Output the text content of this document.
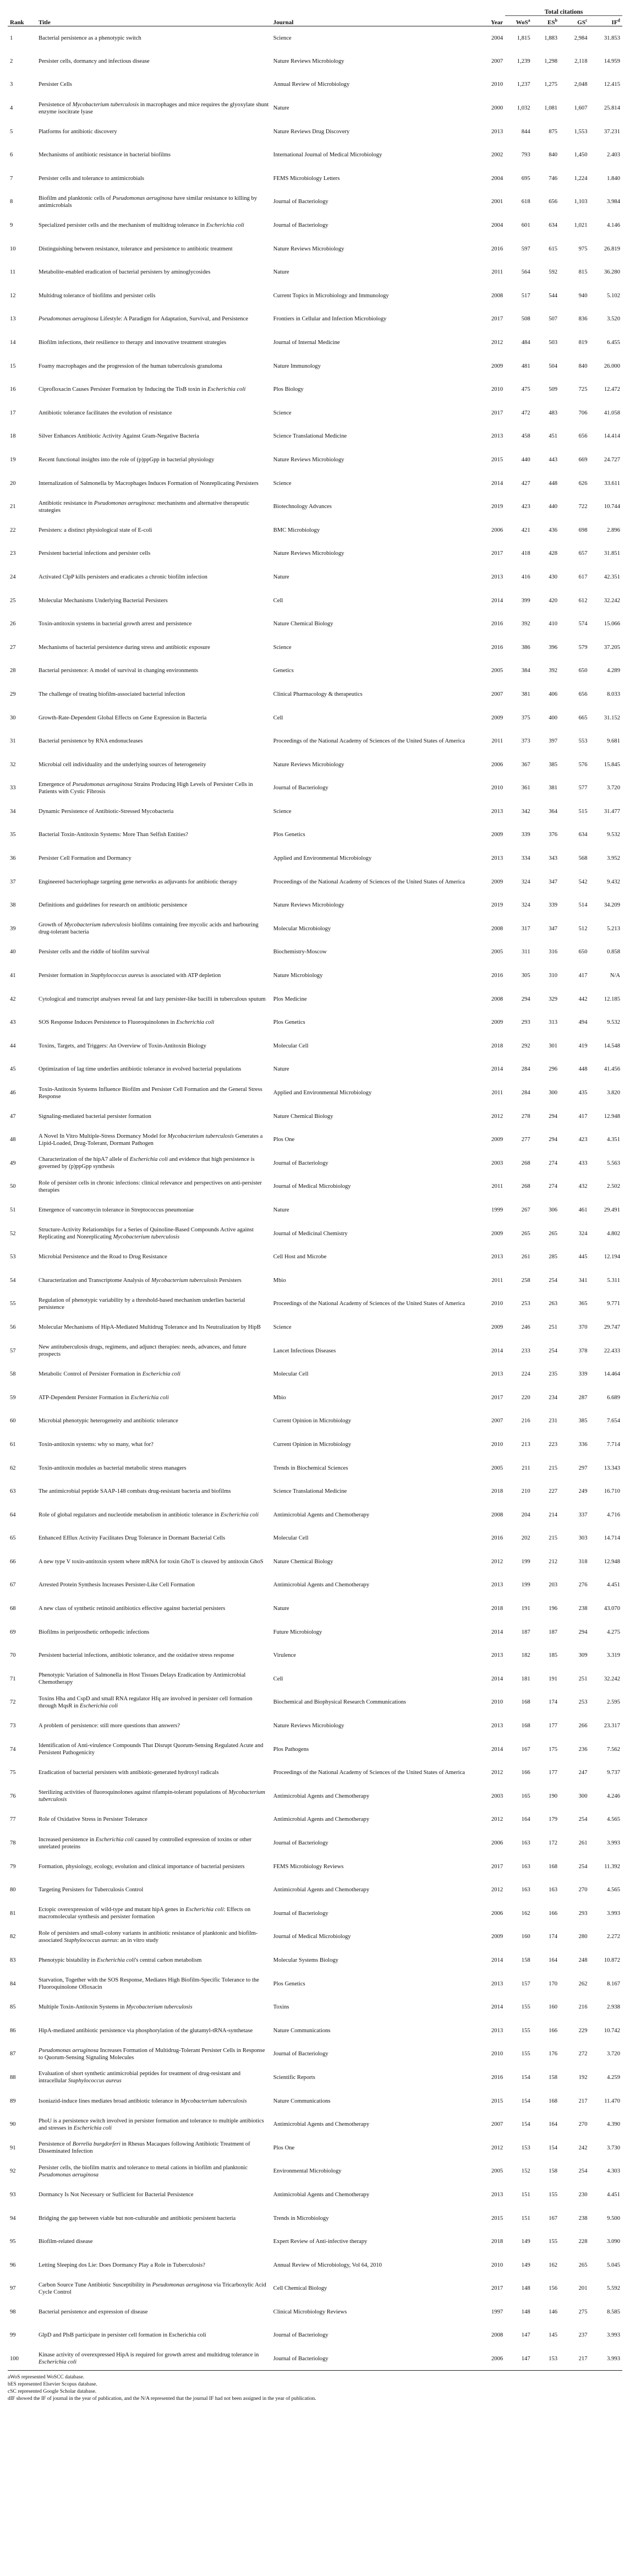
Rank	Title	Journal	Year	Total citations			
				WoS$^a$	$ES^b$	$GS^c$	$IF^d$
1	Bacterial persistence as a phenotypic switch	Science	2004	1,815	1,883	2,984	31.853
2	Persister cells, dormancy and infectious disease	Nature Reviews Microbiology	2007	1,239	1,298	2,118	14.959
3	Persister Cells	Annual Review of Microbiology	2010	1,237	1,275	2,048	12.415
4	Persistence of Mycobacterium tuberculosis in macrophages and mice requires the glyoxylate shunt enzyme isocitrate lyase	Nature	2000	1,032	1,081	1,607	25.814
5	Platforms for antibiotic discovery	Nature Reviews Drug Discovery	2013	844	875	1,553	37.231
6	Mechanisms of antibiotic resistance in bacterial biofilms	International Journal of Medical Microbiology	2002	793	840	1,450	2.403
7	Persister cells and tolerance to antimicrobials	FEMS Microbiology Letters	2004	695	746	1,224	1.840
8	Biofilm and planktonic cells of Pseudomonas aeruginosa have similar resistance to killing by antimicrobials	Journal of Bacteriology	2001	618	656	1,103	3.984
9	Specialized persister cells and the mechanism of multidrug tolerance in Escherichia coli	Journal of Bacteriology	2004	601	634	1,021	4.146
10	Distinguishing between resistance, tolerance and persistence to antibiotic treatment	Nature Reviews Microbiology	2016	597	615	975	26.819
11	Metabolite-enabled eradication of bacterial persisters by aminoglycosides	Nature	2011	564	592	815	36.280
12	Multidrug tolerance of biofilms and persister cells	Current Topics in Microbiology and Immunology	2008	517	544	940	5.102
13	Pseudomonas aeruginosa Lifestyle: A Paradigm for Adaptation, Survival, and Persistence	Frontiers in Cellular and Infection Microbiology	2017	508	507	836	3.520
14	Biofilm infections, their resilience to therapy and innovative treatment strategies	Journal of Internal Medicine	2012	484	503	819	6.455
15	Foamy macrophages and the progression of the human tuberculosis granuloma	Nature Immunology	2009	481	504	840	26.000
16	Ciprofloxacin Causes Persister Formation by Inducing the TisB toxin in Escherichia coli	Plos Biology	2010	475	509	725	12.472
17	Antibiotic tolerance facilitates the evolution of resistance	Science	2017	472	483	706	41.058
18	Silver Enhances Antibiotic Activity Against Gram-Negative Bacteria	Science Translational Medicine	2013	458	451	656	14.414
19	Recent functional insights into the role of (p)ppGpp in bacterial physiology	Nature Reviews Microbiology	2015	440	443	669	24.727
20	Internalization of Salmonella by Macrophages Induces Formation of Nonreplicating Persisters	Science	2014	427	448	626	33.611
21	Antibiotic resistance in Pseudomonas aeruginosa: mechanisms and alternative therapeutic strategies	Biotechnology Advances	2019	423	440	722	10.744
22	Persisters: a distinct physiological state of E-coli	BMC Microbiology	2006	421	436	698	2.896
23	Persistent bacterial infections and persister cells	Nature Reviews Microbiology	2017	418	428	657	31.851
24	Activated ClpP kills persisters and eradicates a chronic biofilm infection	Nature	2013	416	430	617	42.351
25	Molecular Mechanisms Underlying Bacterial Persisters	Cell	2014	399	420	612	32.242
26	Toxin-antitoxin systems in bacterial growth arrest and persistence	Nature Chemical Biology	2016	392	410	574	15.066
27	Mechanisms of bacterial persistence during stress and antibiotic exposure	Science	2016	386	396	579	37.205
28	Bacterial persistence: A model of survival in changing environments	Genetics	2005	384	392	650	4.289
29	The challenge of treating biofilm-associated bacterial infection	Clinical Pharmacology & therapeutics	2007	381	406	656	8.033
30	Growth-Rate-Dependent Global Effects on Gene Expression in Bacteria	Cell	2009	375	400	665	31.152
31	Bacterial persistence by RNA endonucleases	Proceedings of the National Academy of Sciences of the United States of America	2011	373	397	553	9.681
32	Microbial cell individuality and the underlying sources of heterogeneity	Nature Reviews Microbiology	2006	367	385	576	15.845
33	Emergence of Pseudomonas aeruginosa Strains Producing High Levels of Persister Cells in Patients with Cystic Fibrosis	Journal of Bacteriology	2010	361	381	577	3.720
34	Dynamic Persistence of Antibiotic-Stressed Mycobacteria	Science	2013	342	364	515	31.477
35	Bacterial Toxin-Antitoxin Systems: More Than Selfish Entities?	Plos Genetics	2009	339	376	634	9.532
36	Persister Cell Formation and Dormancy	Applied and Environmental Microbiology	2013	334	343	568	3.952
37	Engineered bacteriophage targeting gene networks as adjuvants for antibiotic therapy	Proceedings of the National Academy of Sciences of the United States of America	2009	324	347	542	9.432
38	Definitions and guidelines for research on antibiotic persistence	Nature Reviews Microbiology	2019	324	339	514	34.209
39	Growth of Mycobacterium tuberculosis biofilms containing free mycolic acids and harbouring drug-tolerant bacteria	Molecular Microbiology	2008	317	347	512	5.213
40	Persister cells and the riddle of biofilm survival	Biochemistry-Moscow	2005	311	316	650	0.858
41	Persister formation in Staphylococcus aureus is associated with ATP depletion	Nature Microbiology	2016	305	310	417	N/A
42	Cytological and transcript analyses reveal fat and lazy persister-like bacilli in tuberculous sputum	Plos Medicine	2008	294	329	442	12.185
43	SOS Response Induces Persistence to Fluoroquinolones in Escherichia coli	Plos Genetics	2009	293	313	494	9.532
44	Toxins, Targets, and Triggers: An Overview of Toxin-Antitoxin Biology	Molecular Cell	2018	292	301	419	14.548
45	Optimization of lag time underlies antibiotic tolerance in evolved bacterial populations	Nature	2014	284	296	448	41.456
46	Toxin-Antitoxin Systems Influence Biofilm and Persister Cell Formation and the General Stress Response	Applied and Environmental Microbiology	2011	284	300	435	3.820
47	Signaling-mediated bacterial persister formation	Nature Chemical Biology	2012	278	294	417	12.948
48	A Novel In Vitro Multiple-Stress Dormancy Model for Mycobacterium tuberculosis Generates a Lipid-Loaded, Drug-Tolerant, Dormant Pathogen	Plos One	2009	277	294	423	4.351
49	Characterization of the hipA7 allele of Escherichia coli and evidence that high persistence is governed by (p)ppGpp synthesis	Journal of Bacteriology	2003	268	274	433	5.563
50	Role of persister cells in chronic infections: clinical relevance and perspectives on anti-persister therapies	Journal of Medical Microbiology	2011	268	274	432	2.502
51	Emergence of vancomycin tolerance in Streptococcus pneumoniae	Nature	1999	267	306	461	29.491
52	Structure-Activity Relationships for a Series of Quinoline-Based Compounds Active against Replicating and Nonreplicating Mycobacterium tuberculosis	Journal of Medicinal Chemistry	2009	265	265	324	4.802
53	Microbial Persistence and the Road to Drug Resistance	Cell Host and Microbe	2013	261	285	445	12.194
54	Characterization and Transcriptome Analysis of Mycobacterium tuberculosis Persisters	Mbio	2011	258	254	341	5.311
55	Regulation of phenotypic variability by a threshold-based mechanism underlies bacterial persistence	Proceedings of the National Academy of Sciences of the United States of America	2010	253	263	365	9.771
56	Molecular Mechanisms of HipA-Mediated Multidrug Tolerance and Its Neutralization by HipB	Science	2009	246	251	370	29.747
57	New antituberculosis drugs, regimens, and adjunct therapies: needs, advances, and future prospects	Lancet Infectious Diseases	2014	233	254	378	22.433
58	Metabolic Control of Persister Formation in Escherichia coli	Molecular Cell	2013	224	235	339	14.464
59	ATP-Dependent Persister Formation in Escherichia coli	Mbio	2017	220	234	287	6.689
60	Microbial phenotypic heterogeneity and antibiotic tolerance	Current Opinion in Microbiology	2007	216	231	385	7.654
61	Toxin-antitoxin systems: why so many, what for?	Current Opinion in Microbiology	2010	213	223	336	7.714
62	Toxin-antitoxin modules as bacterial metabolic stress managers	Trends in Biochemical Sciences	2005	211	215	297	13.343
63	The antimicrobial peptide SAAP-148 combats drug-resistant bacteria and biofilms	Science Translational Medicine	2018	210	227	249	16.710
64	Role of global regulators and nucleotide metabolism in antibiotic tolerance in Escherichia coli	Antimicrobial Agents and Chemotherapy	2008	204	214	337	4.716
65	Enhanced Efflux Activity Facilitates Drug Tolerance in Dormant Bacterial Cells	Molecular Cell	2016	202	215	303	14.714
66	A new type V toxin-antitoxin system where mRNA for toxin GhoT is cleaved by antitoxin GhoS	Nature Chemical Biology	2012	199	212	318	12.948
67	Arrested Protein Synthesis Increases Persister-Like Cell Formation	Antimicrobial Agents and Chemotherapy	2013	199	203	276	4.451
68	A new class of synthetic retinoid antibiotics effective against bacterial persisters	Nature	2018	191	196	238	43.070
69	Biofilms in periprosthetic orthopedic infections	Future Microbiology	2014	187	187	294	4.275
70	Persistent bacterial infections, antibiotic tolerance, and the oxidative stress response	Virulence	2013	182	185	309	3.319
71	Phenotypic Variation of Salmonella in Host Tissues Delays Eradication by Antimicrobial Chemotherapy	Cell	2014	181	191	251	32.242
72	Toxins Hha and CspD and small RNA regulator Hfq are involved in persister cell formation through MqsR in Escherichia coli	Biochemical and Biophysical Research Communications	2010	168	174	253	2.595
73	A problem of persistence: still more questions than answers?	Nature Reviews Microbiology	2013	168	177	266	23.317
74	Identification of Anti-virulence Compounds That Disrupt Quorum-Sensing Regulated Acute and Persistent Pathogenicity	Plos Pathogens	2014	167	175	236	7.562
75	Eradication of bacterial persisters with antibiotic-generated hydroxyl radicals	Proceedings of the National Academy of Sciences of the United States of America	2012	166	177	247	9.737
76	Sterilizing activities of fluoroquinolones against rifampin-tolerant populations of Mycobacterium tuberculosis	Antimicrobial Agents and Chemotherapy	2003	165	190	300	4.246
77	Role of Oxidative Stress in Persister Tolerance	Antimicrobial Agents and Chemotherapy	2012	164	179	254	4.565
78	Increased persistence in Escherichia coli caused by controlled expression of toxins or other unrelated proteins	Journal of Bacteriology	2006	163	172	261	3.993
79	Formation, physiology, ecology, evolution and clinical importance of bacterial persisters	FEMS Microbiology Reviews	2017	163	168	254	11.392
80	Targeting Persisters for Tuberculosis Control	Antimicrobial Agents and Chemotherapy	2012	163	163	270	4.565
81	Ectopic overexpression of wild-type and mutant hipA genes in Escherichia coli: Effects on macromolecular synthesis and persister formation	Journal of Bacteriology	2006	162	166	293	3.993
82	Role of persisters and small-colony variants in antibiotic resistance of planktonic and biofilm-associated Staphylococcus aureus: an in vitro study	Journal of Medical Microbiology	2009	160	174	280	2.272
83	Phenotypic bistability in Escherichia coli's central carbon metabolism	Molecular Systems Biology	2014	158	164	248	10.872
84	Starvation, Together with the SOS Response, Mediates High Biofilm-Specific Tolerance to the Fluoroquinolone Ofloxacin	Plos Genetics	2013	157	170	262	8.167
85	Multiple Toxin-Antitoxin Systems in Mycobacterium tuberculosis	Toxins	2014	155	160	216	2.938
86	HipA-mediated antibiotic persistence via phosphorylation of the glutamyl-tRNA-synthetase	Nature Communications	2013	155	166	229	10.742
87	Pseudomonas aeruginosa Increases Formation of Multidrug-Tolerant Persister Cells in Response to Quorum-Sensing Signaling Molecules	Journal of Bacteriology	2010	155	176	272	3.720
88	Evaluation of short synthetic antimicrobial peptides for treatment of drug-resistant and intracellular Staphylococcus aureus	Scientific Reports	2016	154	158	192	4.259
89	Isoniazid-induce lines mediates broad antibiotic tolerance in Mycobacterium tuberculosis	Nature Communications	2015	154	168	217	11.470
90	PhoU is a persistence switch involved in persister formation and tolerance to multiple antibiotics and stresses in Escherichia coli	Antimicrobial Agents and Chemotherapy	2007	154	164	270	4.390
91	Persistence of Borrelia burgdorferi in Rhesus Macaques following Antibiotic Treatment of Disseminated Infection	Plos One	2012	153	154	242	3.730
92	Persister cells, the biofilm matrix and tolerance to metal cations in biofilm and planktonic Pseudomonas aeruginosa	Environmental Microbiology	2005	152	158	254	4.303
93	Dormancy Is Not Necessary or Sufficient for Bacterial Persistence	Antimicrobial Agents and Chemotherapy	2013	151	155	230	4.451
94	Bridging the gap between viable but non-culturable and antibiotic persistent bacteria	Trends in Microbiology	2015	151	167	238	9.500
95	Biofilm-related disease	Expert Review of Anti-infective therapy	2018	149	155	228	3.090
96	Letting Sleeping dos Lie: Does Dormancy Play a Role in Tuberculosis?	Annual Review of Microbiology, Vol 64, 2010	2010	149	162	265	5.045
97	Carbon Source Tune Antibiotic Susceptibility in Pseudomonas aeruginosa via Tricarboxylic Acid Cycle Control	Cell Chemical Biology	2017	148	156	201	5.592
98	Bacterial persistence and expression of disease	Clinical Microbiology Reviews	1997	148	146	275	8.585
99	GlpD and PlsB participate in persister cell formation in Escherichia coli	Journal of Bacteriology	2008	147	145	237	3.993
100	Kinase activity of overexpressed HipA is required for growth arrest and multidrug tolerance in Escherichia coli	Journal of Bacteriology	2006	147	153	217	3.993
aWoS represented WoSCC database.
bES represented Elsevier Scopus database.
cSC represented Google Scholar database.
dIF showed the IF of journal in the year of publication, and the N/A represented that the journal IF had not been assigned in the year of publication.
